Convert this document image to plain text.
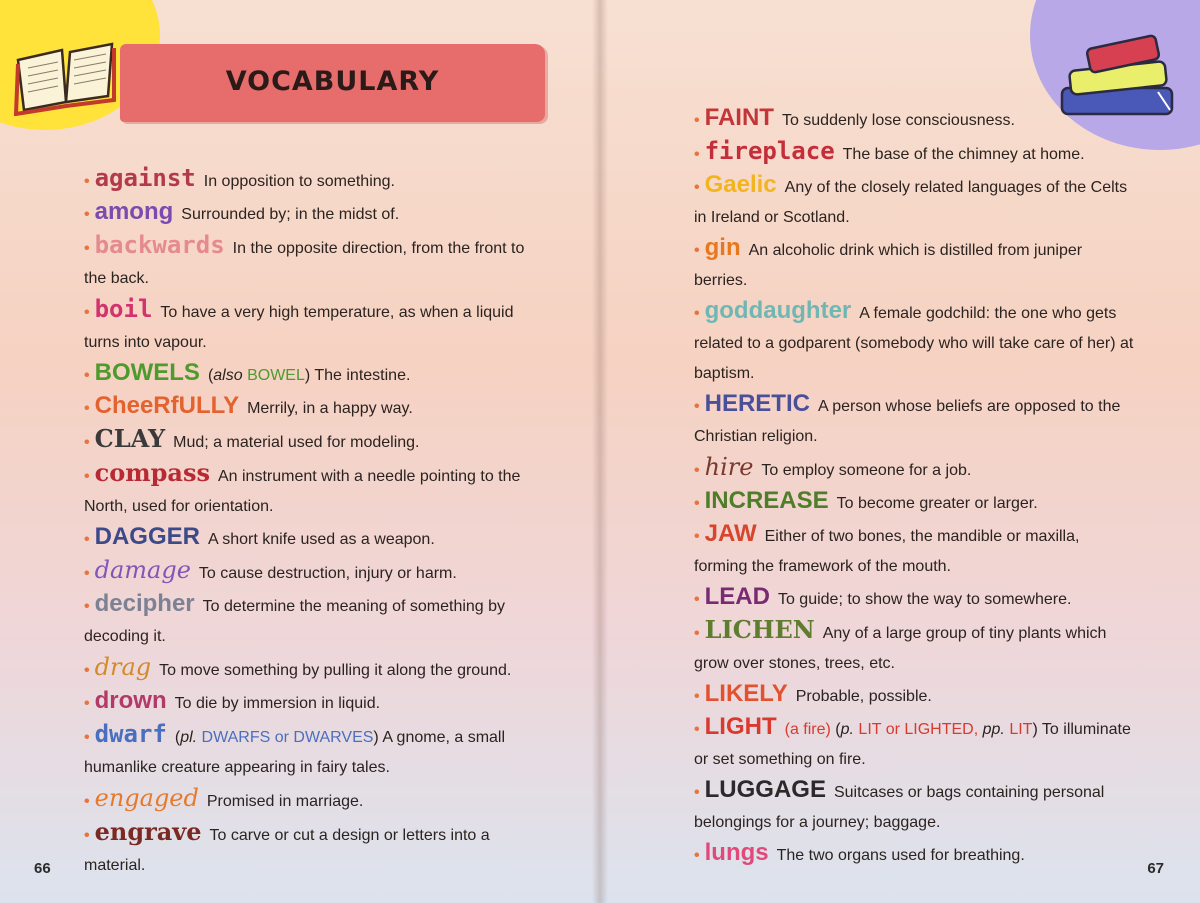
VOCABULARY

• against In opposition to something.

• among Surrounded by; in the midst of.

• backwards In the opposite direction, from the front to the back.

• boil To have a very high temperature, as when a liquid turns into vapour.

• BOWELS (also BOWEL) The intestine.

• CheeRfULLY Merrily, in a happy way.

• CLAY Mud; a material used for modeling.

• compass An instrument with a needle pointing to the North, used for orientation.

• DAGGER A short knife used as a weapon.

• damage To cause destruction, injury or harm.

• decipher To determine the meaning of something by decoding it.

• drag To move something by pulling it along the ground.

• drown To die by immersion in liquid.

• dwarf (pl. DWARFS or DWARVES) A gnome, a small humanlike creature appearing in fairy tales.

• engaged Promised in marriage.

• engrave To carve or cut a design or letters into a material.

66

• FAINT To suddenly lose consciousness.

• fireplace The base of the chimney at home.

• Gaelic Any of the closely related languages of the Celts in Ireland or Scotland.

• gin An alcoholic drink which is distilled from juniper berries.

• goddaughter A female godchild: the one who gets related to a godparent (somebody who will take care of her) at baptism.

• HERETIC A person whose beliefs are opposed to the Christian religion.

• hire To employ someone for a job.

• INCREASE To become greater or larger.

• JAW Either of two bones, the mandible or maxilla, forming the framework of the mouth.

• LEAD To guide; to show the way to somewhere.

• LICHEN Any of a large group of tiny plants which grow over stones, trees, etc.

• LIKELY Probable, possible.

• LIGHT (a fire) (p. LIT or LIGHTED, pp. LIT) To illuminate or set something on fire.

• LUGGAGE Suitcases or bags containing personal belongings for a journey; baggage.

• lungs The two organs used for breathing.

67
